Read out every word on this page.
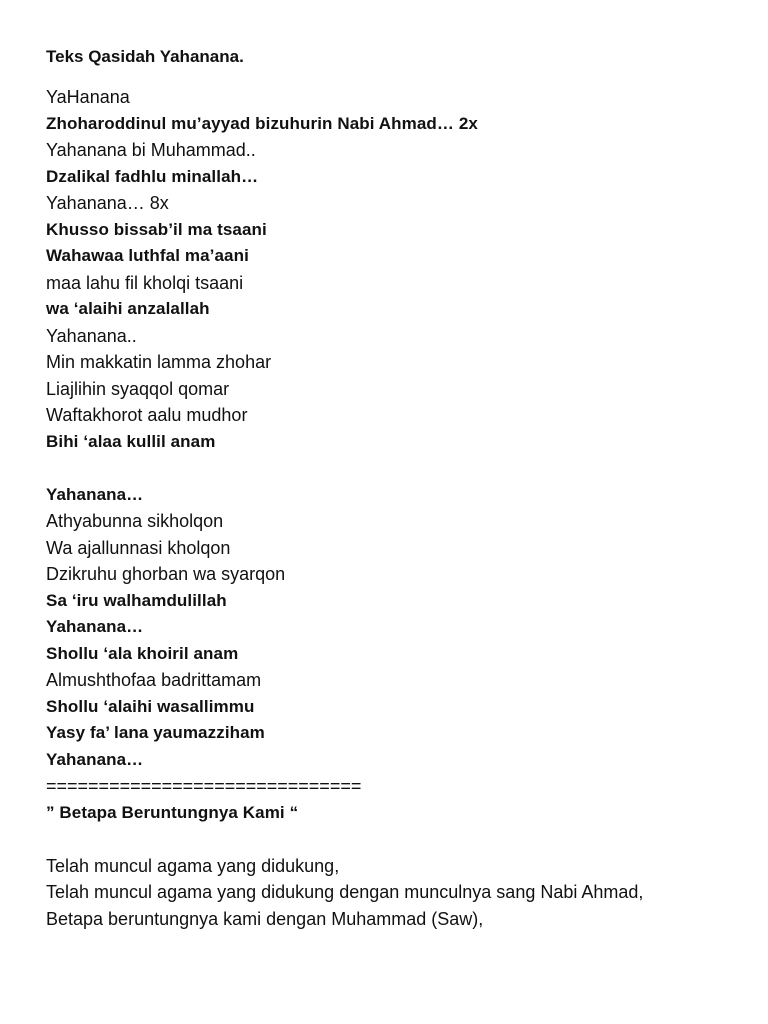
Teks Qasidah Yahanana.
YaHanana
Zhoharoddinul mu’ayyad bizuhurin Nabi Ahmad… 2x
Yahanana bi Muhammad..
Dzalikal fadhlu minallah…
Yahanana… 8x
Khusso bissab’il ma tsaani
Wahawaa luthfal ma’aani
maa lahu fil kholqi tsaani
wa ‘alaihi anzalallah
Yahanana..
Min makkatin lamma zhohar
Liajlihin syaqqol qomar
Waftakhorot aalu mudhor
Bihi ‘alaa kullil anam
Yahanana…
Athyabunna sikholqon
Wa ajallunnasi kholqon
Dzikruhu ghorban wa syarqon
Sa ‘iru walhamdulillah
Yahanana…
Shollu ‘ala khoiril anam
Almushthofaa badrittamam
Shollu ‘alaihi wasallimmu
Yasy fa’ lana yaumazziham
Yahanana…
==============================
” Betapa Beruntungnya Kami “
Telah muncul agama yang didukung,
Telah muncul agama yang didukung dengan munculnya sang Nabi Ahmad,
Betapa beruntungnya kami dengan Muhammad (Saw),
